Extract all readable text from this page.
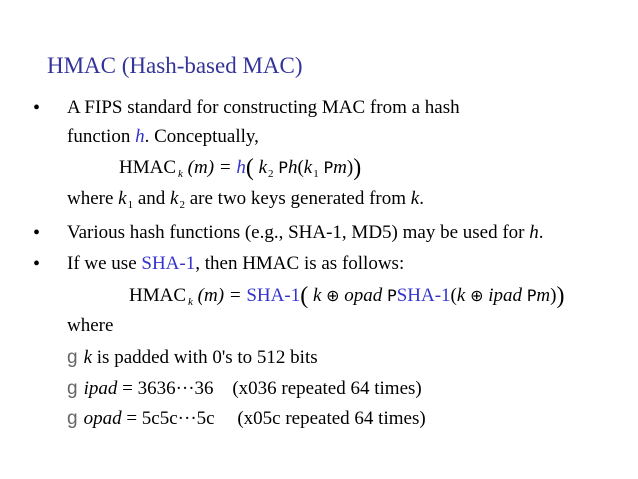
HMAC (Hash-based MAC)
• A FIPS standard for constructing MAC from a hash
function h. Conceptually,
HMAC $_k$ (m) = h( $k_2$ $Ph(k_1$ Pm))
where $k_1$ and $k_2$ are two keys generated from k.
• Various hash functions (e.g., SHA-1, MD5) may be used for h.
• If we use SHA-1, then HMAC is as follows:
HMAC $_k$ (m) = SHA-1( k ⊕ opad PSHA-1(k ⊕ ipad Pm))
where
g k is padded with 0's to 512 bits
g ipad = 3636···36 (x036 repeated 64 times)
g opad = 5c5c···5c (x05c repeated 64 times)
